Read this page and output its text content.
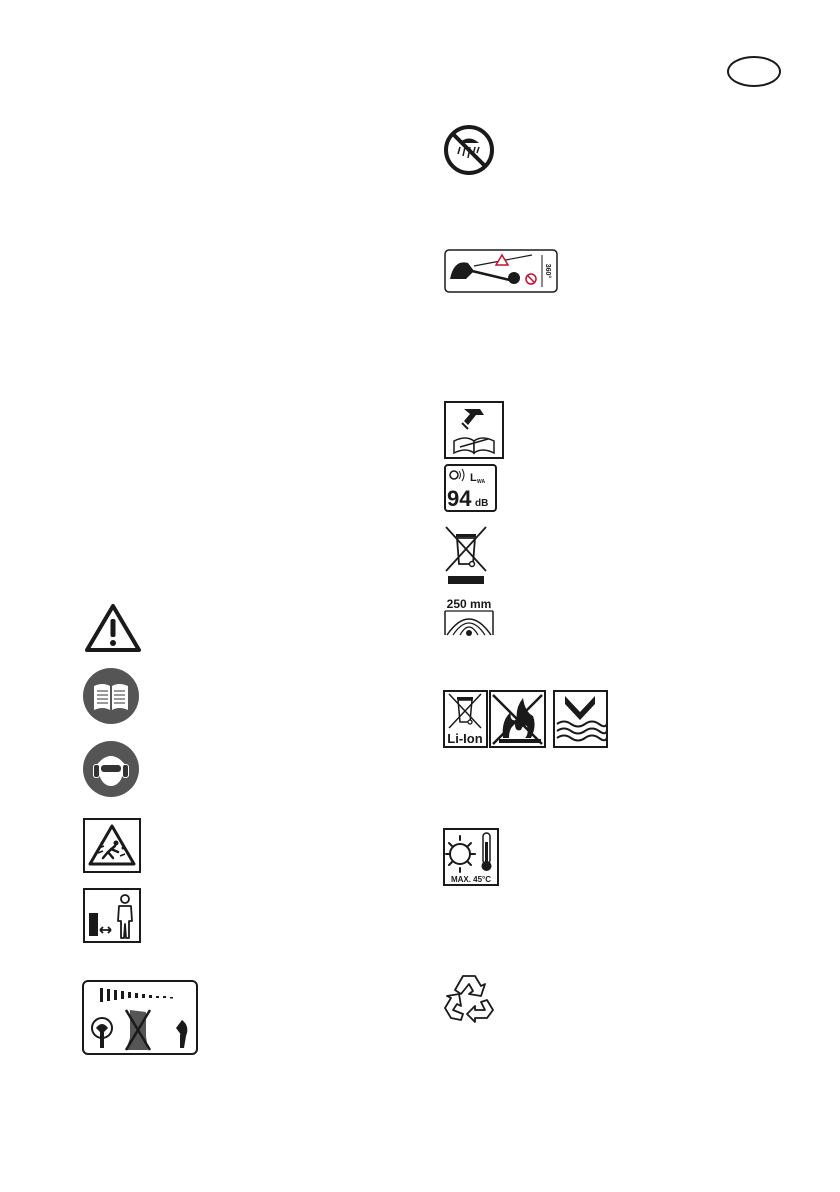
360°
L WA
94 dB
250 mm
Li-Ion
MAX. 45°C
